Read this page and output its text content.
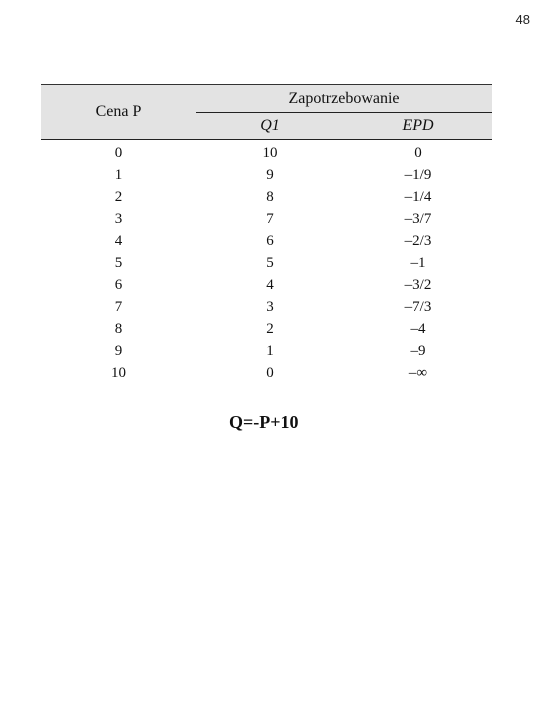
48
Cena P	Zapotrzebowanie	
	Q1	EPD
0	10	0
1	9	–1/9
2	8	–1/4
3	7	–3/7
4	6	–2/3
5	5	–1
6	4	–3/2
7	3	–7/3
8	2	–4
9	1	–9
10	0	–∞
Q=-P+10
